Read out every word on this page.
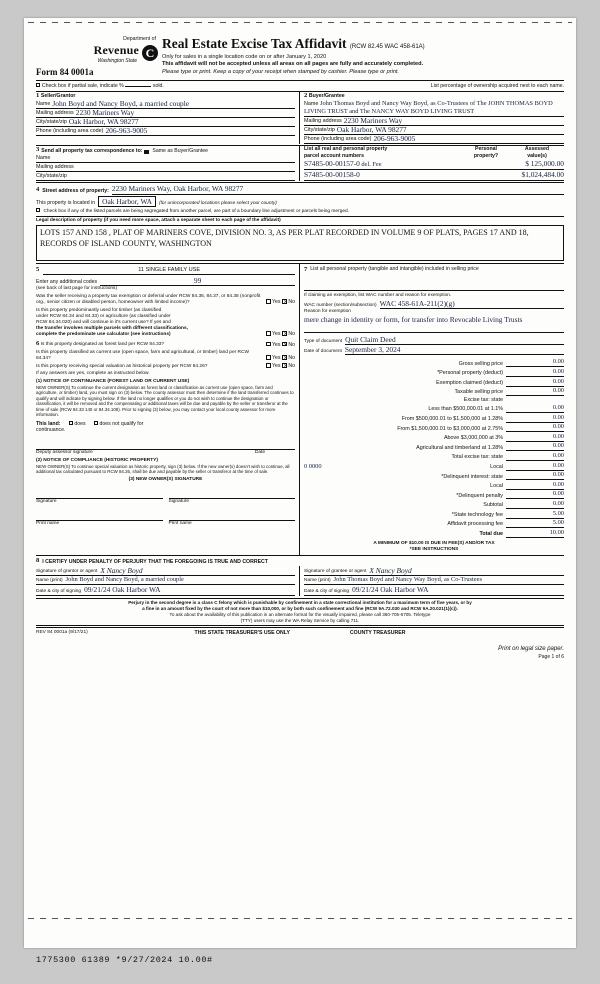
Department of
Revenue
Washington State
C
Form 84 0001a
Real Estate Excise Tax Affidavit (RCW 82.45 WAC 458-61A)
Only for sales in a single location code on or after January 1, 2020
This affidavit will not be accepted unless all areas on all pages are fully and accurately completed.
Please type or print. Keep a copy of your receipt when stamped by cashier. Please type or print.
Check box if partial sale, indicate %	sold.	List percentage of ownership acquired next to each name.
1 Seller/Grantor
Name John Boyd and Nancy Boyd, a married couple
Mailing address 2230 Mariners Way
City/state/zip Oak Harbor, WA 98277
Phone (including area code) 206-963-9005
2 Buyer/Grantee
Name John Thomas Boyd and Nancy Way Boyd, as Co-Trustees of The JOHN THOMAS BOYD LIVING TRUST and The NANCY WAY BOYD LIVING TRUST
Mailing address 2230 Mariners Way
City/state/zip Oak Harbor, WA 98277
Phone (including area code) 206-963-9005
3 Send all property tax correspondence to: Same as Buyer/Grantee
Name
Mailing address
City/state/zip
List all real and personal property
parcel account numbers
Personal
property?
Assessed
value(s)
S7485-00-00157-0 del. Fee	$ 125,000.00
S7485-00-00158-0	$1,024,484.00
4 Street address of property: 2230 Mariners Way, Oak Harbor, WA 98277
This property is located in Oak Harbor, WA	(for unincorporated locations please select your county)
Check box if any of the listed parcels are being segregated from another parcel, are part of a boundary line adjustment or parcels being merged.
Legal description of property (if you need more space, attach a separate sheet to each page of the affidavit)
LOTS 157 AND 158 , PLAT OF MARINERS COVE, DIVISION NO. 3, AS PER PLAT RECORDED IN VOLUME 9 OF PLATS, PAGES 17 AND 18, RECORDS OF ISLAND COUNTY, WASHINGTON
5	11 SINGLE FAMILY USE
Enter any additional codes	99
(see back of last page for instructions)
Was the seller receiving a property tax exemption or deferral under RCW 84.36, 84.37, or 84.38 (nonprofit org., senior citizen or disabled person, homeowner with limited income)?	Yes X No
Is this property predominantly used for timber (as classified
under RCW 84.34 and 84.33) or agriculture (as classified under
RCW 84.34.020) and will continue in it's current use? If yes and
the transfer involves multiple parcels with different classifications,
complete the predominate use calculator (see instructions)	Yes X No
6 Is this property designated as forest land per RCW 84.33?	Yes X No
Is this property classified as current use (open space, farm and agricultural, or timber) land per RCW 84.34?	Yes X No
Is this property receiving special valuation as historical property per RCW 84.26?	Yes X No
If any answers are yes, complete as instructed below.
(1) NOTICE OF CONTINUANCE (FOREST LAND OR CURRENT USE)
NEW OWNER(S) To continue the current designation as forest land or classification as current use (open space, farm and agriculture, or timber) land, you must sign on (3) below. The county assessor must then determine if the land transferred continues to qualify and will indicate by signing below. If the land no longer qualifies or you do not wish to continue the designation or classification, it will be removed and the compensating or additional taxes will be due and payable by the seller or transferor at the time of sale (RCW 84.33 140 or 84.34.108). Prior to signing (3) below, you may contact your local county assessor for more information.
This land:	does	does not qualify for
continuance.
Deputy assessor signature	Date
(2) NOTICE OF COMPLIANCE (HISTORIC PROPERTY)
NEW OWNER(S) To continue special valuation as historic property, sign (3) below. If the new owner(s) doesn't wish to continue, all additional tax calculated pursuant to RCW 84.26, shall be due and payable by the seller or transferor at the time of sale.
(3) NEW OWNER(S) SIGNATURE
Signature	Signature
Print name	Print name
7 List all personal property (tangible and intangible) included in selling price
If claiming an exemption, list WAC number and reason for exemption.
WAC number (section/subsection) WAC 458-61A-211(2)(g)
Reason for exemption
mere change in identity or form, for transfer into Revocable Living Trusts
Type of document Quit Claim Deed
Date of document September 3, 2024
Gross selling price	0.00
*Personal property (deduct)	0.00
Exemption claimed (deduct)	0.00
Taxable selling price	0.00
Excise tax: state
Less than $500,000.01 at 1.1%	0.00
From $500,000.01 to $1,500,000 at 1.28%	0.00
From $1,500,000.01 to $3,000,000 at 2.75%	0.00
Above $3,000,000 at 3%	0.00
Agricultural and timberland at 1.28%	0.00
Total excise tax: state	0.00
0 0000	Local	0.00
*Delinquent interest: state	0.00
Local	0.00
*Delinquent penalty	0.00
Subtotal	0.00
*State technology fee	5.00
Affidavit processing fee	5.00
Total due	10.00
A MINIMUM OF $10.00 IS DUE IN FEE(S) AND/OR TAX
*SEE INSTRUCTIONS
8 I CERTIFY UNDER PENALTY OF PERJURY THAT THE FOREGOING IS TRUE AND CORRECT
Signature of grantor or agent X Nancy Boyd
Name (print) John Boyd and Nancy Boyd, a married couple
Date & city of signing 09/21/24 Oak Harbor WA
Signature of grantee or agent X Nancy Boyd
Name (print) John Thomas Boyd and Nancy Way Boyd, as Co-Trustees
Date & city of signing 09/21/24 Oak Harbor WA
Perjury in the second degree is a class C felony which is punishable by confinement in a state correctional institution for a maximum term of five years, or by
a fine in an amount fixed by the court of not more than $10,000, or by both such confinement and fine (RCW 9A.72.030 and RCW 9A.20.021(1)(c)).
To ask about the availability of this publication in an alternate format for the visually impaired, please call 360-705-6705. Teletype
(TTY) users may use the WA Relay Service by calling 711.
REV 84 0001a (9/17/21)	THIS STATE TREASURER'S USE ONLY	COUNTY TREASURER
Print on legal size paper.
Page 1 of 6
1775300 61389 *9/27/2024 10.00#
